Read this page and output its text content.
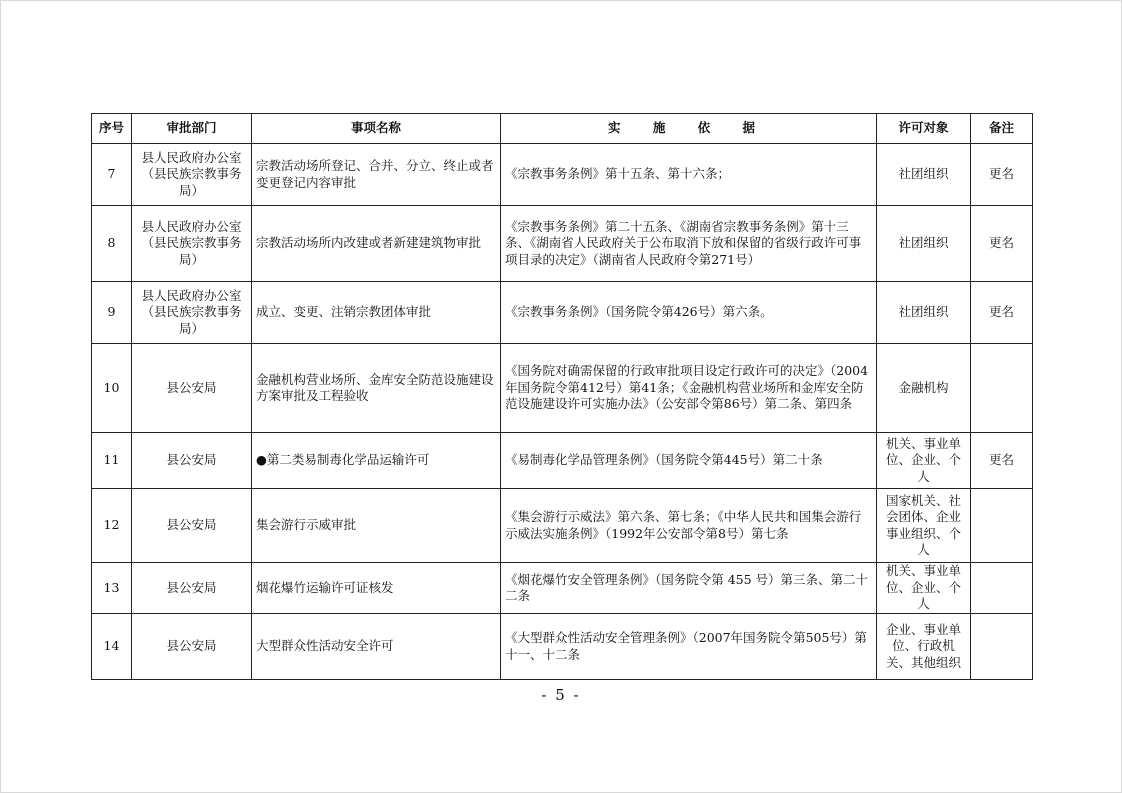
序号	审批部门	事项名称	实 施 依 据	许可对象	备注
7	县人民政府办公室（县民族宗教事务局）	宗教活动场所登记、合并、分立、终止或者变更登记内容审批	《宗教事务条例》第十五条、第十六条；	社团组织	更名
8	县人民政府办公室（县民族宗教事务局）	宗教活动场所内改建或者新建建筑物审批	《宗教事务条例》第二十五条、《湖南省宗教事务条例》第十三条、《湖南省人民政府关于公布取消下放和保留的省级行政许可事项目录的决定》（湖南省人民政府令第271号）	社团组织	更名
9	县人民政府办公室（县民族宗教事务局）	成立、变更、注销宗教团体审批	《宗教事务条例》（国务院令第426号）第六条。	社团组织	更名
10	县公安局	金融机构营业场所、金库安全防范设施建设方案审批及工程验收	《国务院对确需保留的行政审批项目设定行政许可的决定》（2004年国务院令第412号）第41条；《金融机构营业场所和金库安全防范设施建设许可实施办法》（公安部令第86号）第二条、第四条	金融机构	
11	县公安局	●第二类易制毒化学品运输许可	《易制毒化学品管理条例》（国务院令第445号）第二十条	机关、事业单位、企业、个人	更名
12	县公安局	集会游行示威审批	《集会游行示威法》第六条、第七条；《中华人民共和国集会游行示威法实施条例》（1992年公安部令第8号）第七条	国家机关、社会团体、企业事业组织、个人	
13	县公安局	烟花爆竹运输许可证核发	《烟花爆竹安全管理条例》（国务院令第 455 号）第三条、第二十二条	机关、事业单位、企业、个人	
14	县公安局	大型群众性活动安全许可	《大型群众性活动安全管理条例》（2007年国务院令第505号）第十一、十二条	企业、事业单位、行政机关、其他组织	
- 5 -
